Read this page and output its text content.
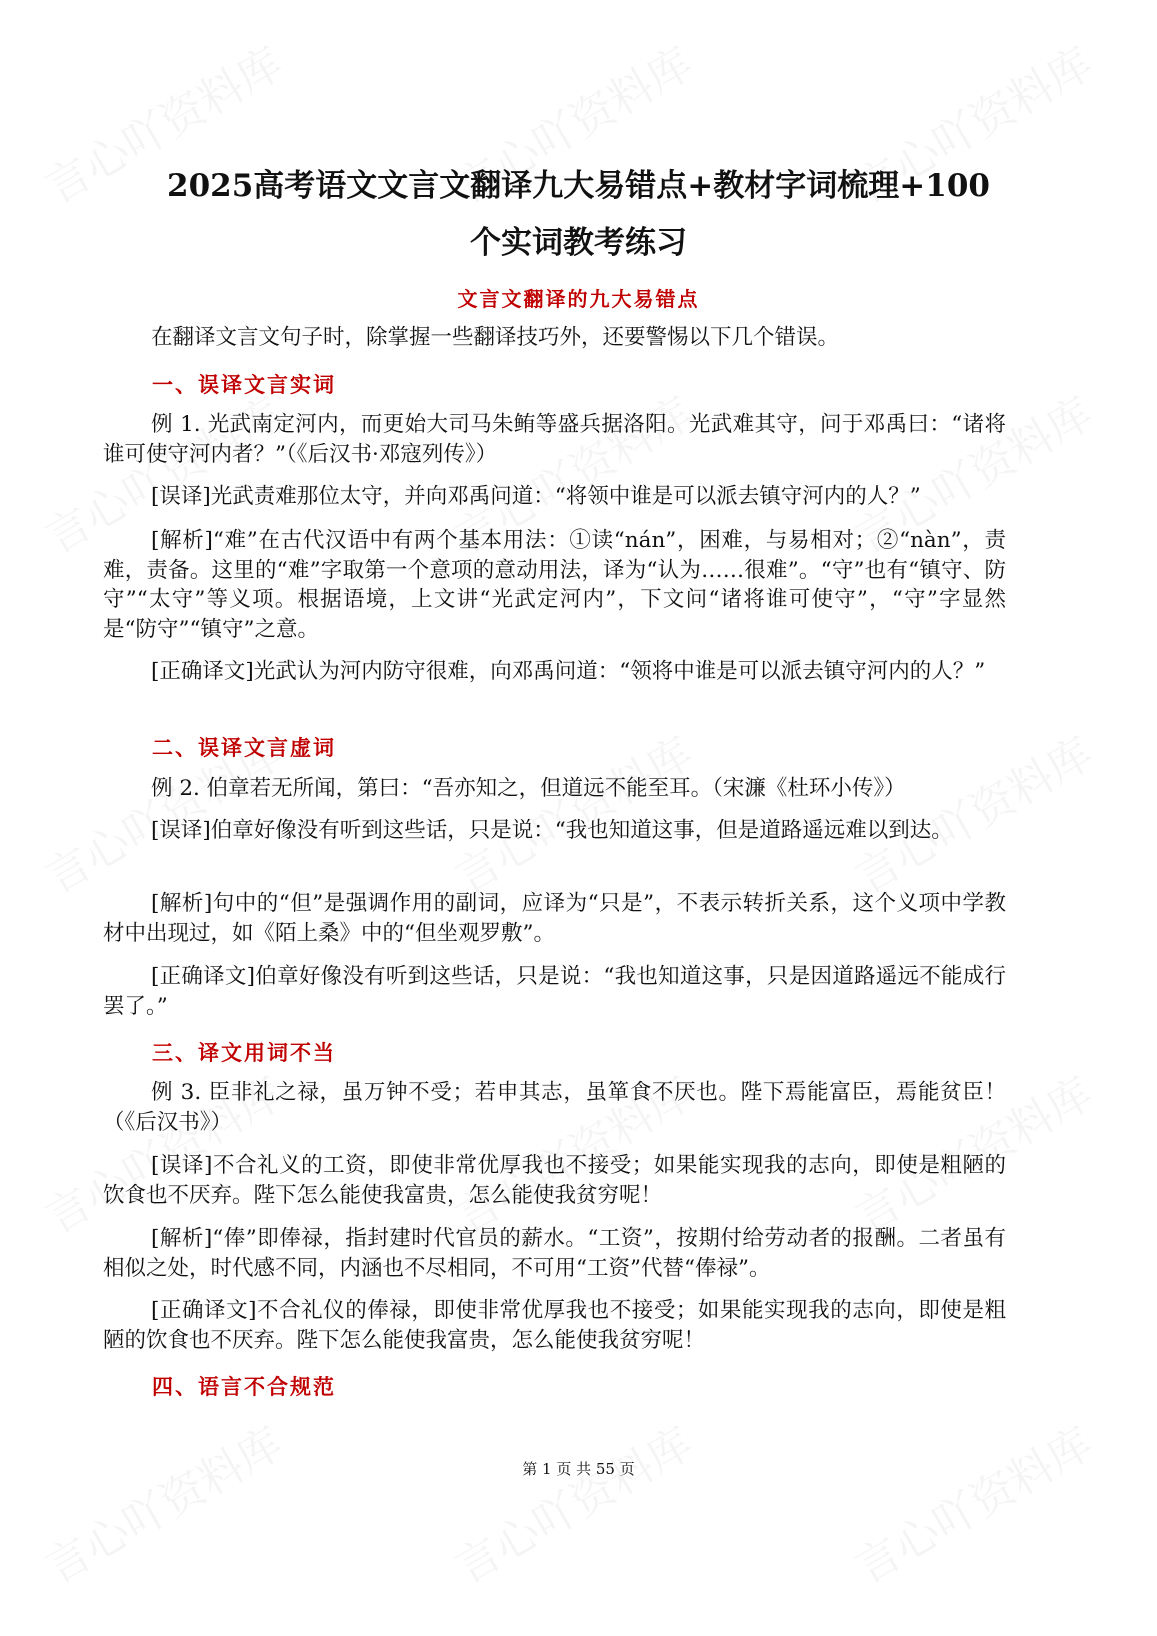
2025高考语文文言文翻译九大易错点+教材字词梳理+100
个实词教考练习
文言文翻译的九大易错点
在翻译文言文句子时，除掌握一些翻译技巧外，还要警惕以下几个错误。
一、误译文言实词
例 1. 光武南定河内，而更始大司马朱鲔等盛兵据洛阳。光武难其守，问于邓禹曰：“诸将谁可使守河内者？”（《后汉书·邓寇列传》）
[误译]光武责难那位太守，并向邓禹问道：“将领中谁是可以派去镇守河内的人？”
[解析]“难”在古代汉语中有两个基本用法：①读“nán”，困难，与易相对；②“nàn”，责难，责备。这里的“难”字取第一个意项的意动用法，译为“认为……很难”。“守”也有“镇守、防守”“太守”等义项。根据语境，上文讲“光武定河内”，下文问“诸将谁可使守”，“守”字显然是“防守”“镇守”之意。
[正确译文]光武认为河内防守很难，向邓禹问道：“领将中谁是可以派去镇守河内的人？”
二、误译文言虚词
例 2. 伯章若无所闻，第曰：“吾亦知之，但道远不能至耳。（宋濂《杜环小传》）
[误译]伯章好像没有听到这些话，只是说：“我也知道这事，但是道路遥远难以到达。
[解析]句中的“但”是强调作用的副词，应译为“只是”，不表示转折关系，这个义项中学教材中出现过，如《陌上桑》中的“但坐观罗敷”。
[正确译文]伯章好像没有听到这些话，只是说：“我也知道这事，只是因道路遥远不能成行罢了。”
三、译文用词不当
例 3. 臣非礼之禄，虽万钟不受；若申其志，虽箪食不厌也。陛下焉能富臣，焉能贫臣！（《后汉书》）
[误译]不合礼义的工资，即使非常优厚我也不接受；如果能实现我的志向，即使是粗陋的饮食也不厌弃。陛下怎么能使我富贵，怎么能使我贫穷呢！
[解析]“俸”即俸禄，指封建时代官员的薪水。“工资”，按期付给劳动者的报酬。二者虽有相似之处，时代感不同，内涵也不尽相同，不可用“工资”代替“俸禄”。
[正确译文]不合礼仪的俸禄，即使非常优厚我也不接受；如果能实现我的志向，即使是粗陋的饮食也不厌弃。陛下怎么能使我富贵，怎么能使我贫穷呢！
四、语言不合规范
第 1 页 共 55 页
